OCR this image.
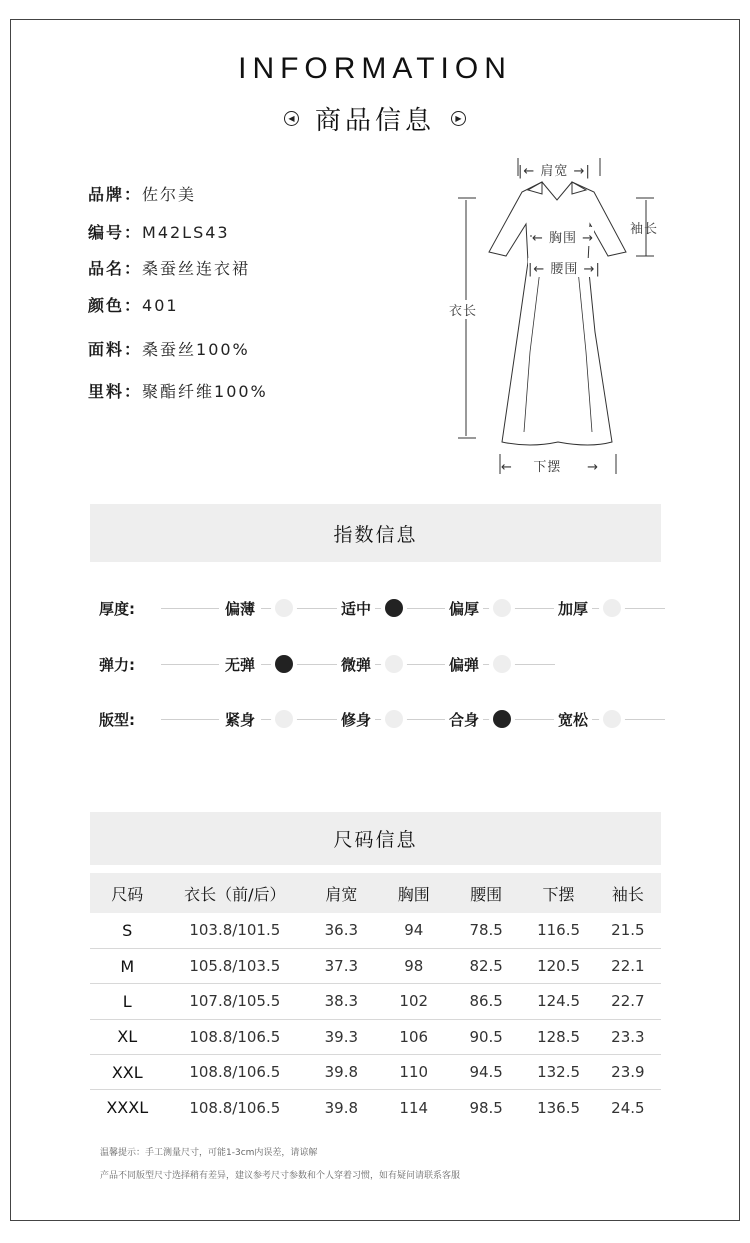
INFORMATION
◀ 商品信息	▶
品牌：佐尔美
编号：M42LS43
品名：桑蚕丝连衣裙
颜色：401
面料：桑蚕丝100%
里料：聚酯纤维100%
|← 肩宽 →|
袖长
← 胸围 →
|← 腰围 →|
衣长
←    下摆     →
指数信息
厚度:	偏薄	适中	偏厚	加厚
弹力:	无弹	微弹	偏弹
版型:	紧身	修身	合身	宽松
尺码信息
尺码	衣长（前/后）	肩宽	胸围	腰围	下摆	袖长
S	103.8/101.5	36.3	94	78.5	116.5	21.5
M	105.8/103.5	37.3	98	82.5	120.5	22.1
L	107.8/105.5	38.3	102	86.5	124.5	22.7
XL	108.8/106.5	39.3	106	90.5	128.5	23.3
XXL	108.8/106.5	39.8	110	94.5	132.5	23.9
XXXL	108.8/106.5	39.8	114	98.5	136.5	24.5
温馨提示：手工测量尺寸，可能1-3cm内误差，请谅解
产品不同版型尺寸选择稍有差异，建议参考尺寸参数和个人穿着习惯，如有疑问请联系客服
